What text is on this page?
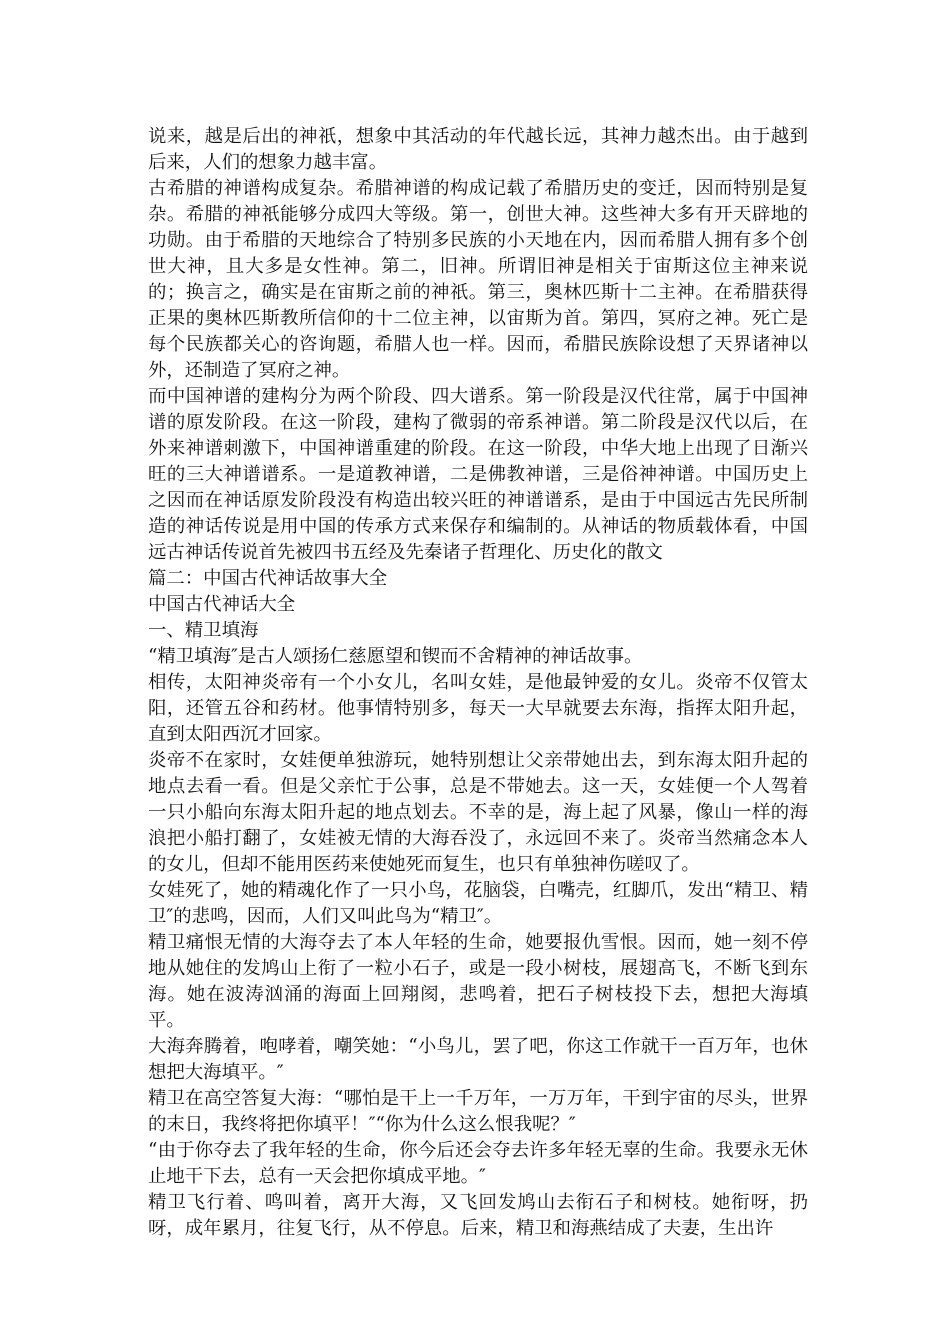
说来，越是后出的神祇，想象中其活动的年代越长远，其神力越杰出。由于越到后来，人们的想象力越丰富。

古希腊的神谱构成复杂。希腊神谱的构成记载了希腊历史的变迁，因而特别是复杂。希腊的神祇能够分成四大等级。第一，创世大神。这些神大多有开天辟地的功勋。由于希腊的天地综合了特别多民族的小天地在内，因而希腊人拥有多个创世大神，且大多是女性神。第二，旧神。所谓旧神是相关于宙斯这位主神来说的；换言之，确实是在宙斯之前的神祇。第三，奥林匹斯十二主神。在希腊获得正果的奥林匹斯教所信仰的十二位主神，以宙斯为首。第四，冥府之神。死亡是每个民族都关心的咨询题，希腊人也一样。因而，希腊民族除设想了天界诸神以外，还制造了冥府之神。

而中国神谱的建构分为两个阶段、四大谱系。第一阶段是汉代往常，属于中国神谱的原发阶段。在这一阶段，建构了微弱的帝系神谱。第二阶段是汉代以后，在外来神谱刺激下，中国神谱重建的阶段。在这一阶段，中华大地上出现了日渐兴旺的三大神谱谱系。一是道教神谱，二是佛教神谱，三是俗神神谱。中国历史上之因而在神话原发阶段没有构造出较兴旺的神谱谱系，是由于中国远古先民所制造的神话传说是用中国的传承方式来保存和编制的。从神话的物质载体看，中国远古神话传说首先被四书五经及先秦诸子哲理化、历史化的散文

篇二：中国古代神话故事大全

中国古代神话大全

一、精卫填海

“精卫填海″是古人颂扬仁慈愿望和锲而不舍精神的神话故事。

相传，太阳神炎帝有一个小女儿，名叫女娃，是他最钟爱的女儿。炎帝不仅管太阳，还管五谷和药材。他事情特别多，每天一大早就要去东海，指挥太阳升起，直到太阳西沉才回家。

炎帝不在家时，女娃便单独游玩，她特别想让父亲带她出去，到东海太阳升起的地点去看一看。但是父亲忙于公事，总是不带她去。这一天，女娃便一个人驾着一只小船向东海太阳升起的地点划去。不幸的是，海上起了风暴，像山一样的海浪把小船打翻了，女娃被无情的大海吞没了，永远回不来了。炎帝当然痛念本人的女儿，但却不能用医药来使她死而复生，也只有单独神伤嗟叹了。

女娃死了，她的精魂化作了一只小鸟，花脑袋，白嘴壳，红脚爪，发出“精卫、精卫″的悲鸣，因而，人们又叫此鸟为“精卫″。

精卫痛恨无情的大海夺去了本人年轻的生命，她要报仇雪恨。因而，她一刻不停地从她住的发鸠山上衔了一粒小石子，或是一段小树枝，展翅高飞，不断飞到东海。她在波涛汹涌的海面上回翔阂，悲鸣着，把石子树枝投下去，想把大海填平。

大海奔腾着，咆哮着，嘲笑她：“小鸟儿，罢了吧，你这工作就干一百万年，也休想把大海填平。″

精卫在高空答复大海：“哪怕是干上一千万年，一万万年，干到宇宙的尽头，世界的末日，我终将把你填平！″“你为什么这么恨我呢？″

“由于你夺去了我年轻的生命，你今后还会夺去许多年轻无辜的生命。我要永无休止地干下去，总有一天会把你填成平地。″

精卫飞行着、鸣叫着，离开大海，又飞回发鸠山去衔石子和树枝。她衔呀，扔呀，成年累月，往复飞行，从不停息。后来，精卫和海燕结成了夫妻，生出许
